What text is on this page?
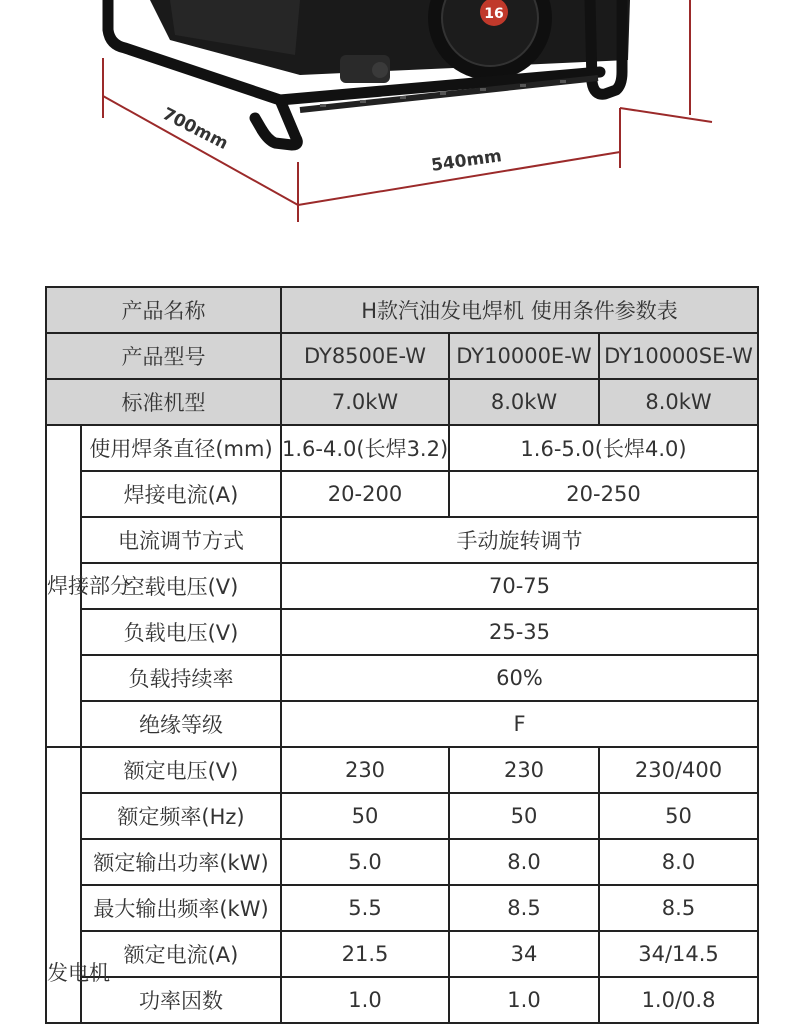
16
700mm
540mm
产品名称		H款汽油发电焊机 使用条件参数表		
产品型号		DY8500E-W	DY10000E-W	DY10000SE-W
标准机型		7.0kW	8.0kW	8.0kW
焊接部分	使用焊条直径(mm)	1.6-4.0(长焊3.2)	1.6-5.0(长焊4.0)	
	焊接电流(A)	20-200	20-250	
	电流调节方式	手动旋转调节		
	空载电压(V)	70-75		
	负载电压(V)	25-35		
	负载持续率	60%		
	绝缘等级	F		
发电机	额定电压(V)	230	230	230/400
	额定频率(Hz)	50	50	50
	额定输出功率(kW)	5.0	8.0	8.0
	最大输出频率(kW)	5.5	8.5	8.5
	额定电流(A)	21.5	34	34/14.5
	功率因数	1.0	1.0	1.0/0.8
